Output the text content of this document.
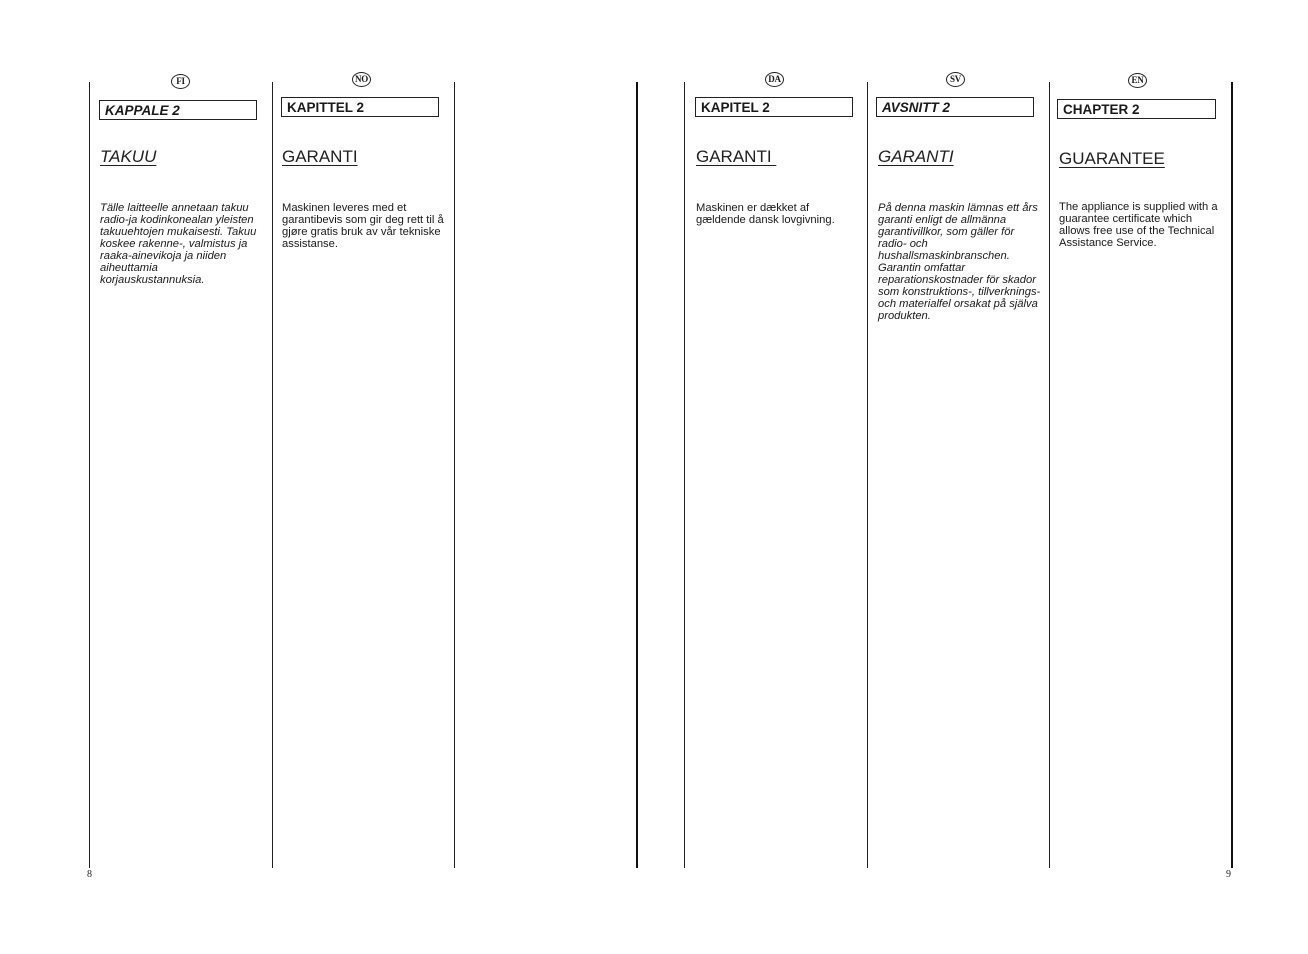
FI
KAPPALE 2
TAKUU
Tälle laitteelle annetaan takuu radio-ja kodinkonealan yleisten takuuehtojen mukaisesti. Takuu koskee rakenne-, valmistus ja raaka-ainevikoja ja niiden aiheuttamia korjauskustannuksia.
NO
KAPITTEL 2
GARANTI
Maskinen leveres med et garantibevis som gir deg rett til å gjøre gratis bruk av vår tekniske assistanse.
8
DA
KAPITEL 2
GARANTI
Maskinen er dækket af gældende dansk lovgivning.
SV
AVSNITT 2
GARANTI
På denna maskin lämnas ett års garanti enligt de allmänna garantivillkor, som gäller för radio- och hushallsmaskinbranschen. Garantin omfattar reparationskostnader för skador som konstruktions-, tillverknings- och materialfel orsakat på själva produkten.
EN
CHAPTER 2
GUARANTEE
The appliance is supplied with a guarantee certificate which allows free use of the Technical Assistance Service.
9
